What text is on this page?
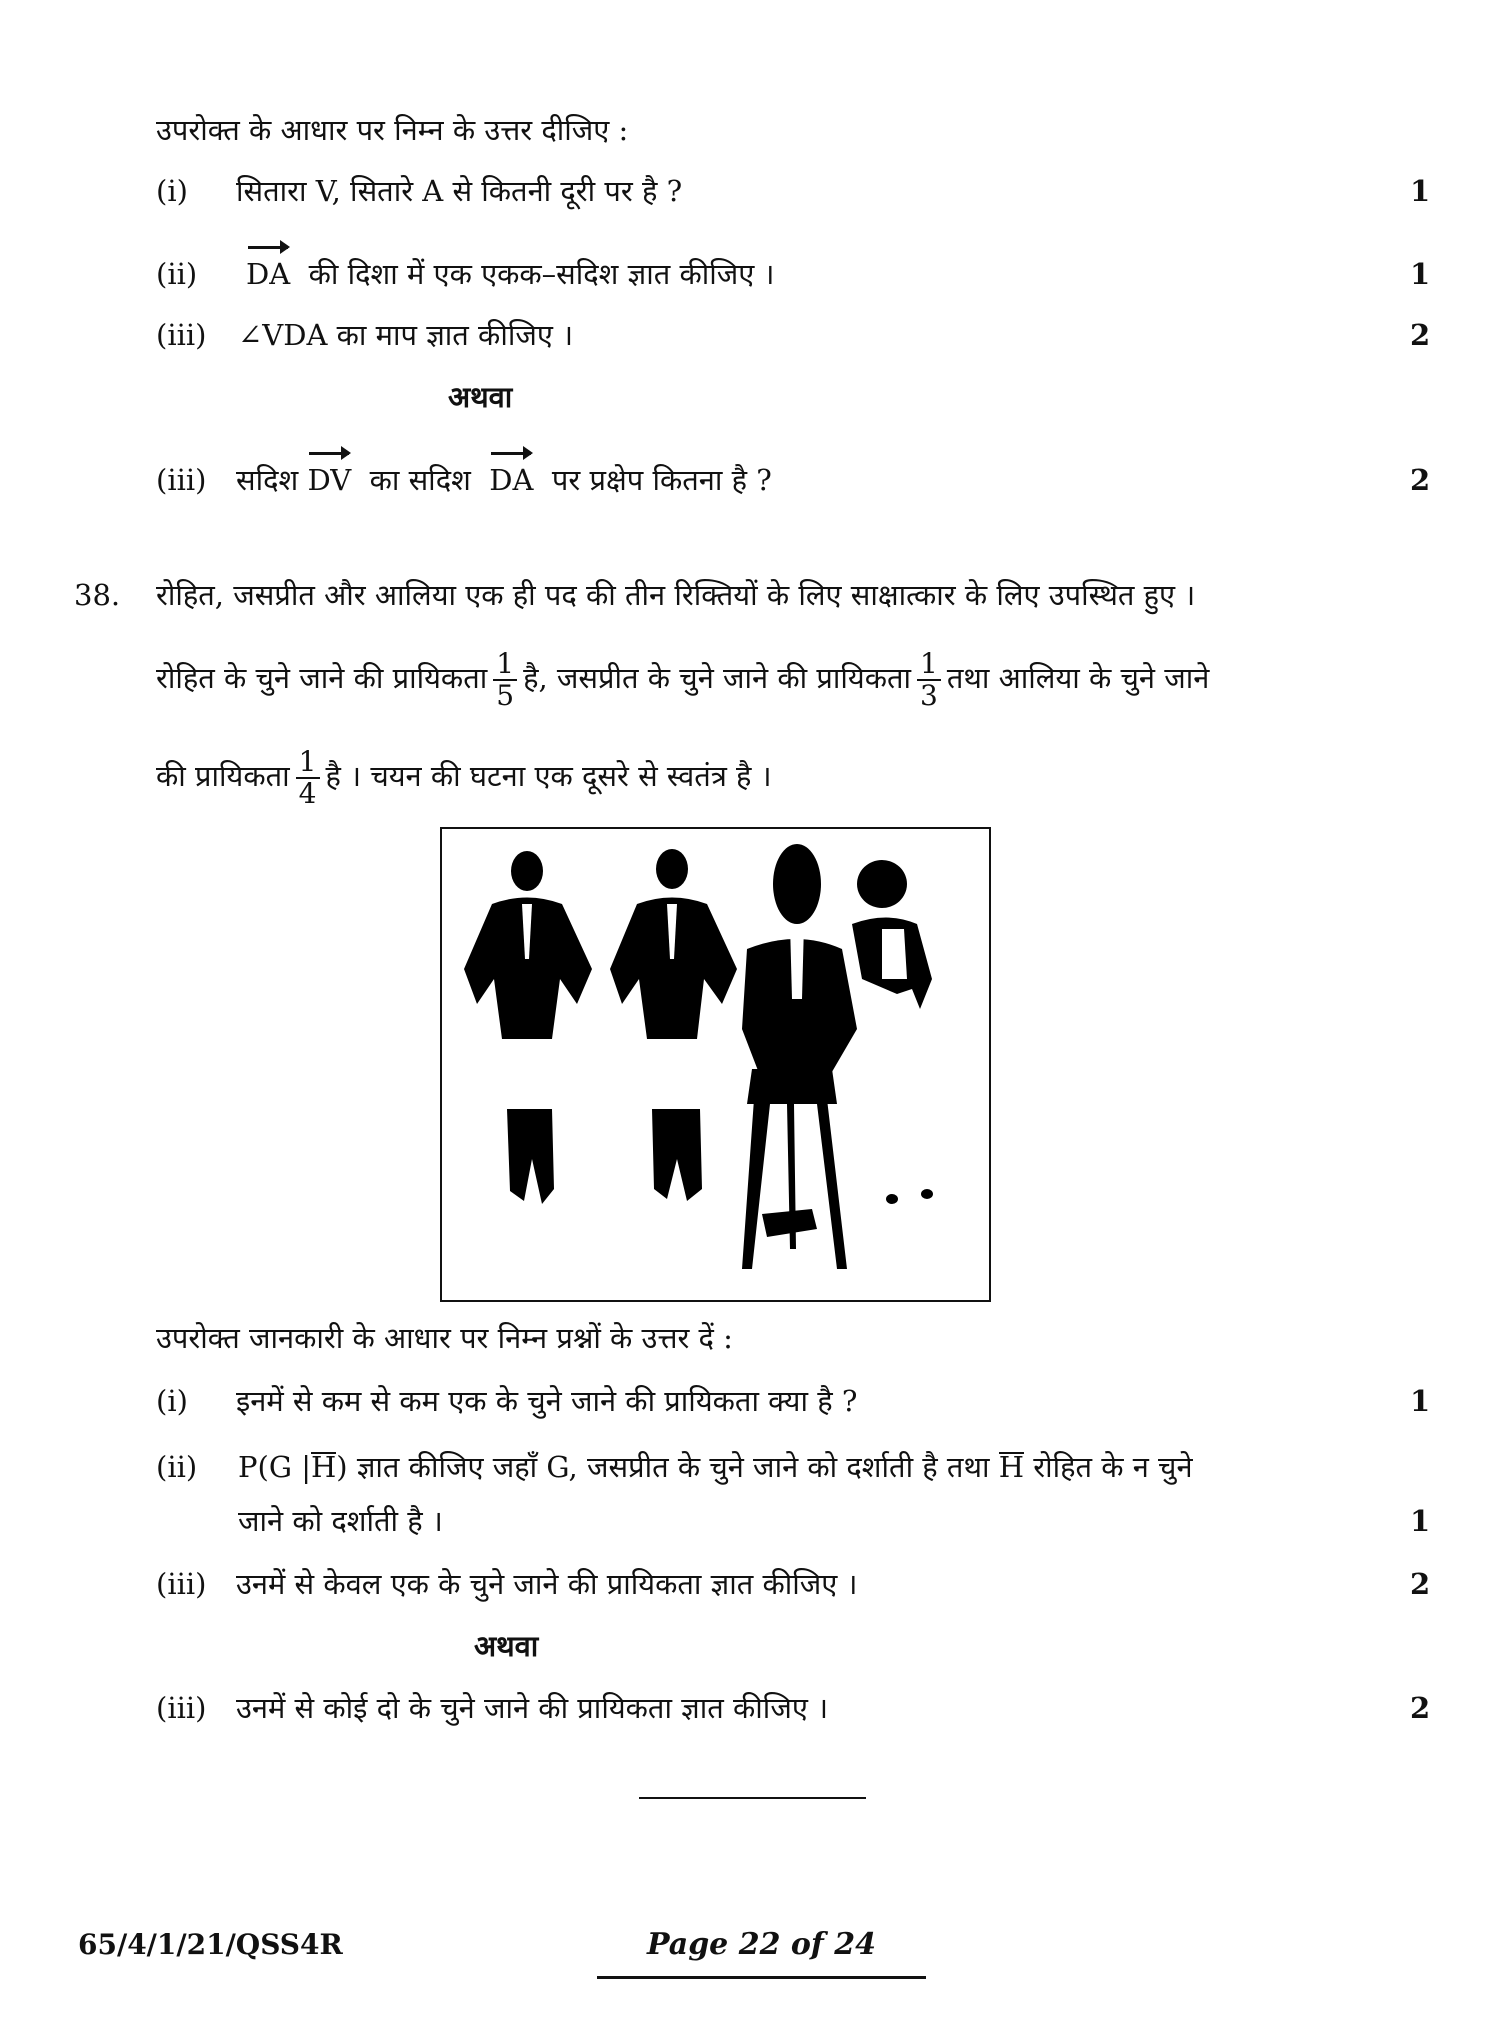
उपरोक्त के आधार पर निम्न के उत्तर दीजिए :
(i) सितारा V, सितारे A से कितनी दूरी पर है ?	1
(ii) DA की दिशा में एक एकक–सदिश ज्ञात कीजिए ।	1
(iii) ∠VDA का माप ज्ञात कीजिए ।	2
अथवा
(iii) सदिश DV का सदिश DA पर प्रक्षेप कितना है ?	2
38. रोहित, जसप्रीत और आलिया एक ही पद की तीन रिक्तियों के लिए साक्षात्कार के लिए उपस्थित हुए ।
रोहित के चुने जाने की प्रायिकता $\frac{1}{5}$ है, जसप्रीत के चुने जाने की प्रायिकता $\frac{1}{3}$ तथा आलिया के चुने जाने
की प्रायिकता $\frac{1}{4}$ है । चयन की घटना एक दूसरे से स्वतंत्र है ।
उपरोक्त जानकारी के आधार पर निम्न प्रश्नों के उत्तर दें :
(i) इनमें से कम से कम एक के चुने जाने की प्रायिकता क्या है ?	1
(ii) P(G |H) ज्ञात कीजिए जहाँ G, जसप्रीत के चुने जाने को दर्शाती है तथा H रोहित के न चुने
जाने को दर्शाती है ।	1
(iii) उनमें से केवल एक के चुने जाने की प्रायिकता ज्ञात कीजिए ।	2
अथवा
(iii) उनमें से कोई दो के चुने जाने की प्रायिकता ज्ञात कीजिए ।	2
65/4/1/21/QSS4R	Page 22 of 24
